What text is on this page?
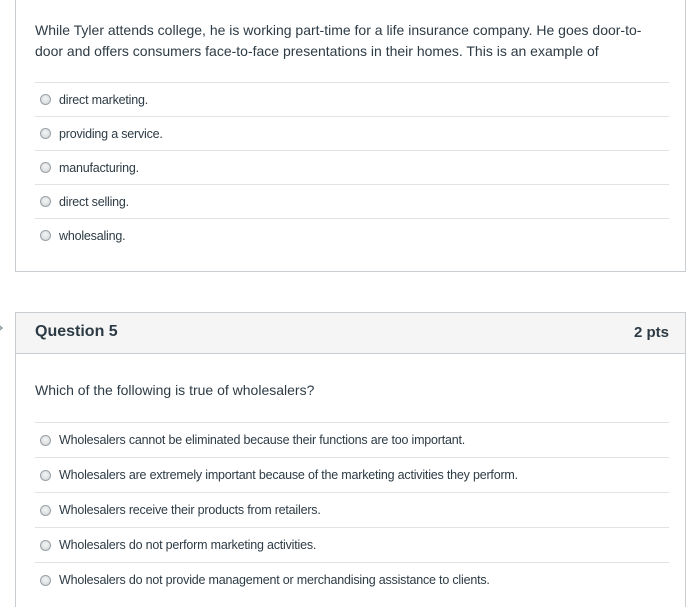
While Tyler attends college, he is working part-time for a life insurance company. He goes door-to-door and offers consumers face-to-face presentations in their homes. This is an example of

direct marketing.
providing a service.
manufacturing.
direct selling.
wholesaling.
Question 5	2 pts

Which of the following is true of wholesalers?

Wholesalers cannot be eliminated because their functions are too important.
Wholesalers are extremely important because of the marketing activities they perform.
Wholesalers receive their products from retailers.
Wholesalers do not perform marketing activities.
Wholesalers do not provide management or merchandising assistance to clients.
